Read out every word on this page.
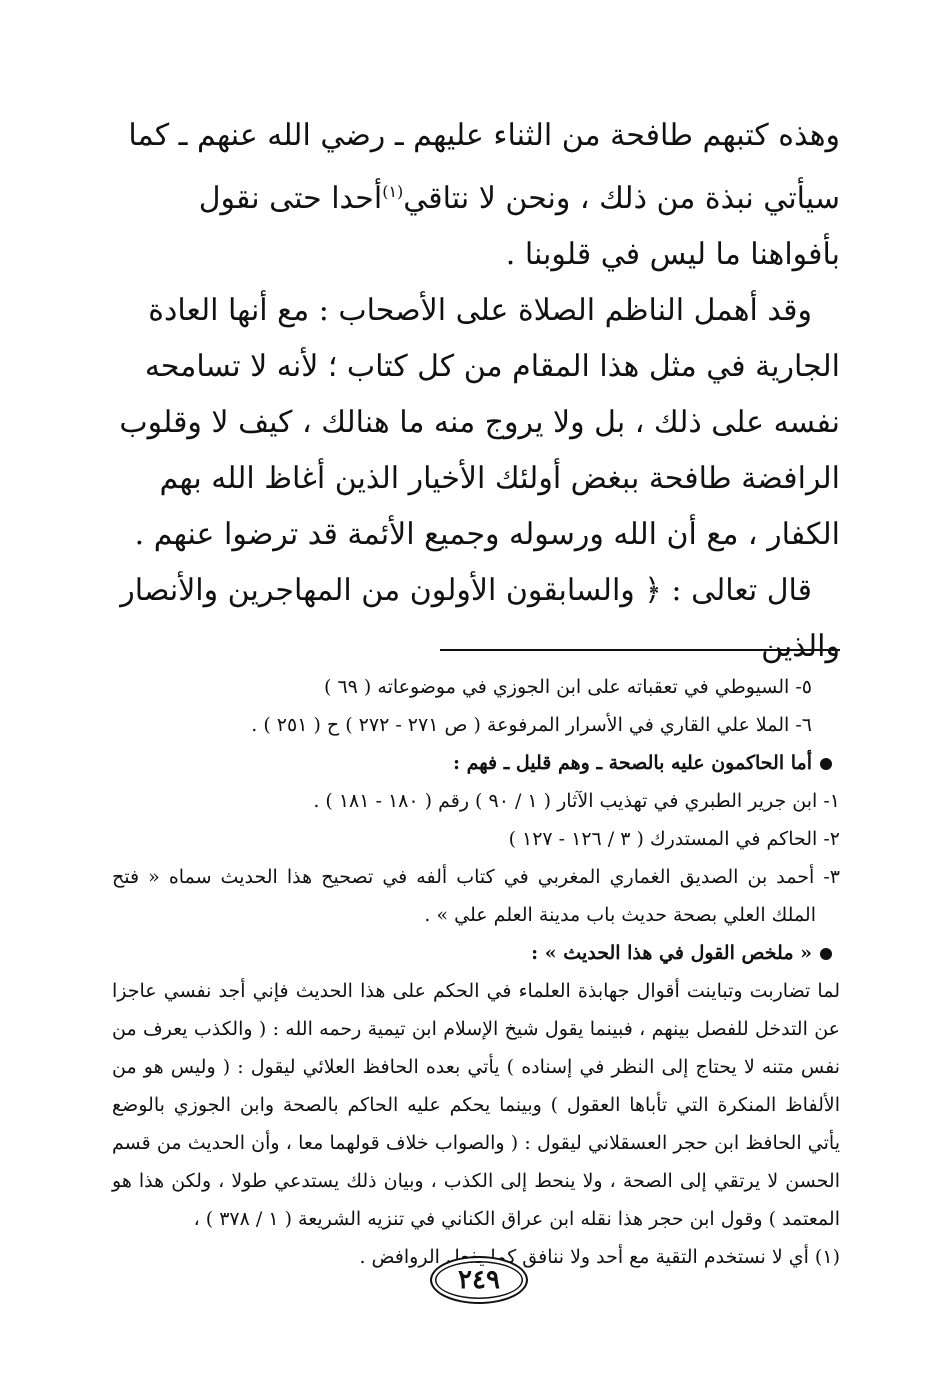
وهذه كتبهم طافحة من الثناء عليهم ـ رضي الله عنهم ـ كما سيأتي نبذة من ذلك ، ونحن لا نتاقي$^{(١)}$أحدا حتى نقول بأفواهنا ما ليس في قلوبنا .

وقد أهمل الناظم الصلاة على الأصحاب : مع أنها العادة الجارية في مثل هذا المقام من كل كتاب ؛ لأنه لا تسامحه نفسه على ذلك ، بل ولا يروج منه ما هنالك ، كيف لا وقلوب الرافضة طافحة ببغض أولئك الأخيار الذين أغاظ الله بهم الكفار ، مع أن الله ورسوله وجميع الأئمة قد ترضوا عنهم .

قال تعالى : ﴿ والسابقون الأولون من المهاجرين والأنصار والذين

٥- السيوطي في تعقباته على ابن الجوزي في موضوعاته ( ٦٩ )

٦- الملا علي القاري في الأسرار المرفوعة ( ص ٢٧١ - ٢٧٢ ) ح ( ٢٥١ ) .

أما الحاكمون عليه بالصحة ـ وهم قليل ـ فهم :

١- ابن جرير الطبري في تهذيب الآثار ( ١ / ٩٠ ) رقم ( ١٨٠ - ١٨١ ) .

٢- الحاكم في المستدرك ( ٣ / ١٢٦ - ١٢٧ )

٣- أحمد بن الصديق الغماري المغربي في كتاب ألفه في تصحيح هذا الحديث سماه « فتح الملك العلي بصحة حديث باب مدينة العلم علي » .

« ملخص القول في هذا الحديث » :

لما تضاربت وتباينت أقوال جهابذة العلماء في الحكم على هذا الحديث فإني أجد نفسي عاجزا عن التدخل للفصل بينهم ، فبينما يقول شيخ الإسلام ابن تيمية رحمه الله : ( والكذب يعرف من نفس متنه لا يحتاج إلى النظر في إسناده ) يأتي بعده الحافظ العلائي ليقول : ( وليس هو من الألفاظ المنكرة التي تأباها العقول ) وبينما يحكم عليه الحاكم بالصحة وابن الجوزي بالوضع يأتي الحافظ ابن حجر العسقلاني ليقول : ( والصواب خلاف قولهما معا ، وأن الحديث من قسم الحسن لا يرتقي إلى الصحة ، ولا ينحط إلى الكذب ، وبيان ذلك يستدعي طولا ، ولكن هذا هو المعتمد ) وقول ابن حجر هذا نقله ابن عراق الكناني في تنزيه الشريعة ( ١ / ٣٧٨ ) ،

(١) أي لا نستخدم التقية مع أحد ولا ننافق كما يفعل الروافض .

٢٤٩
